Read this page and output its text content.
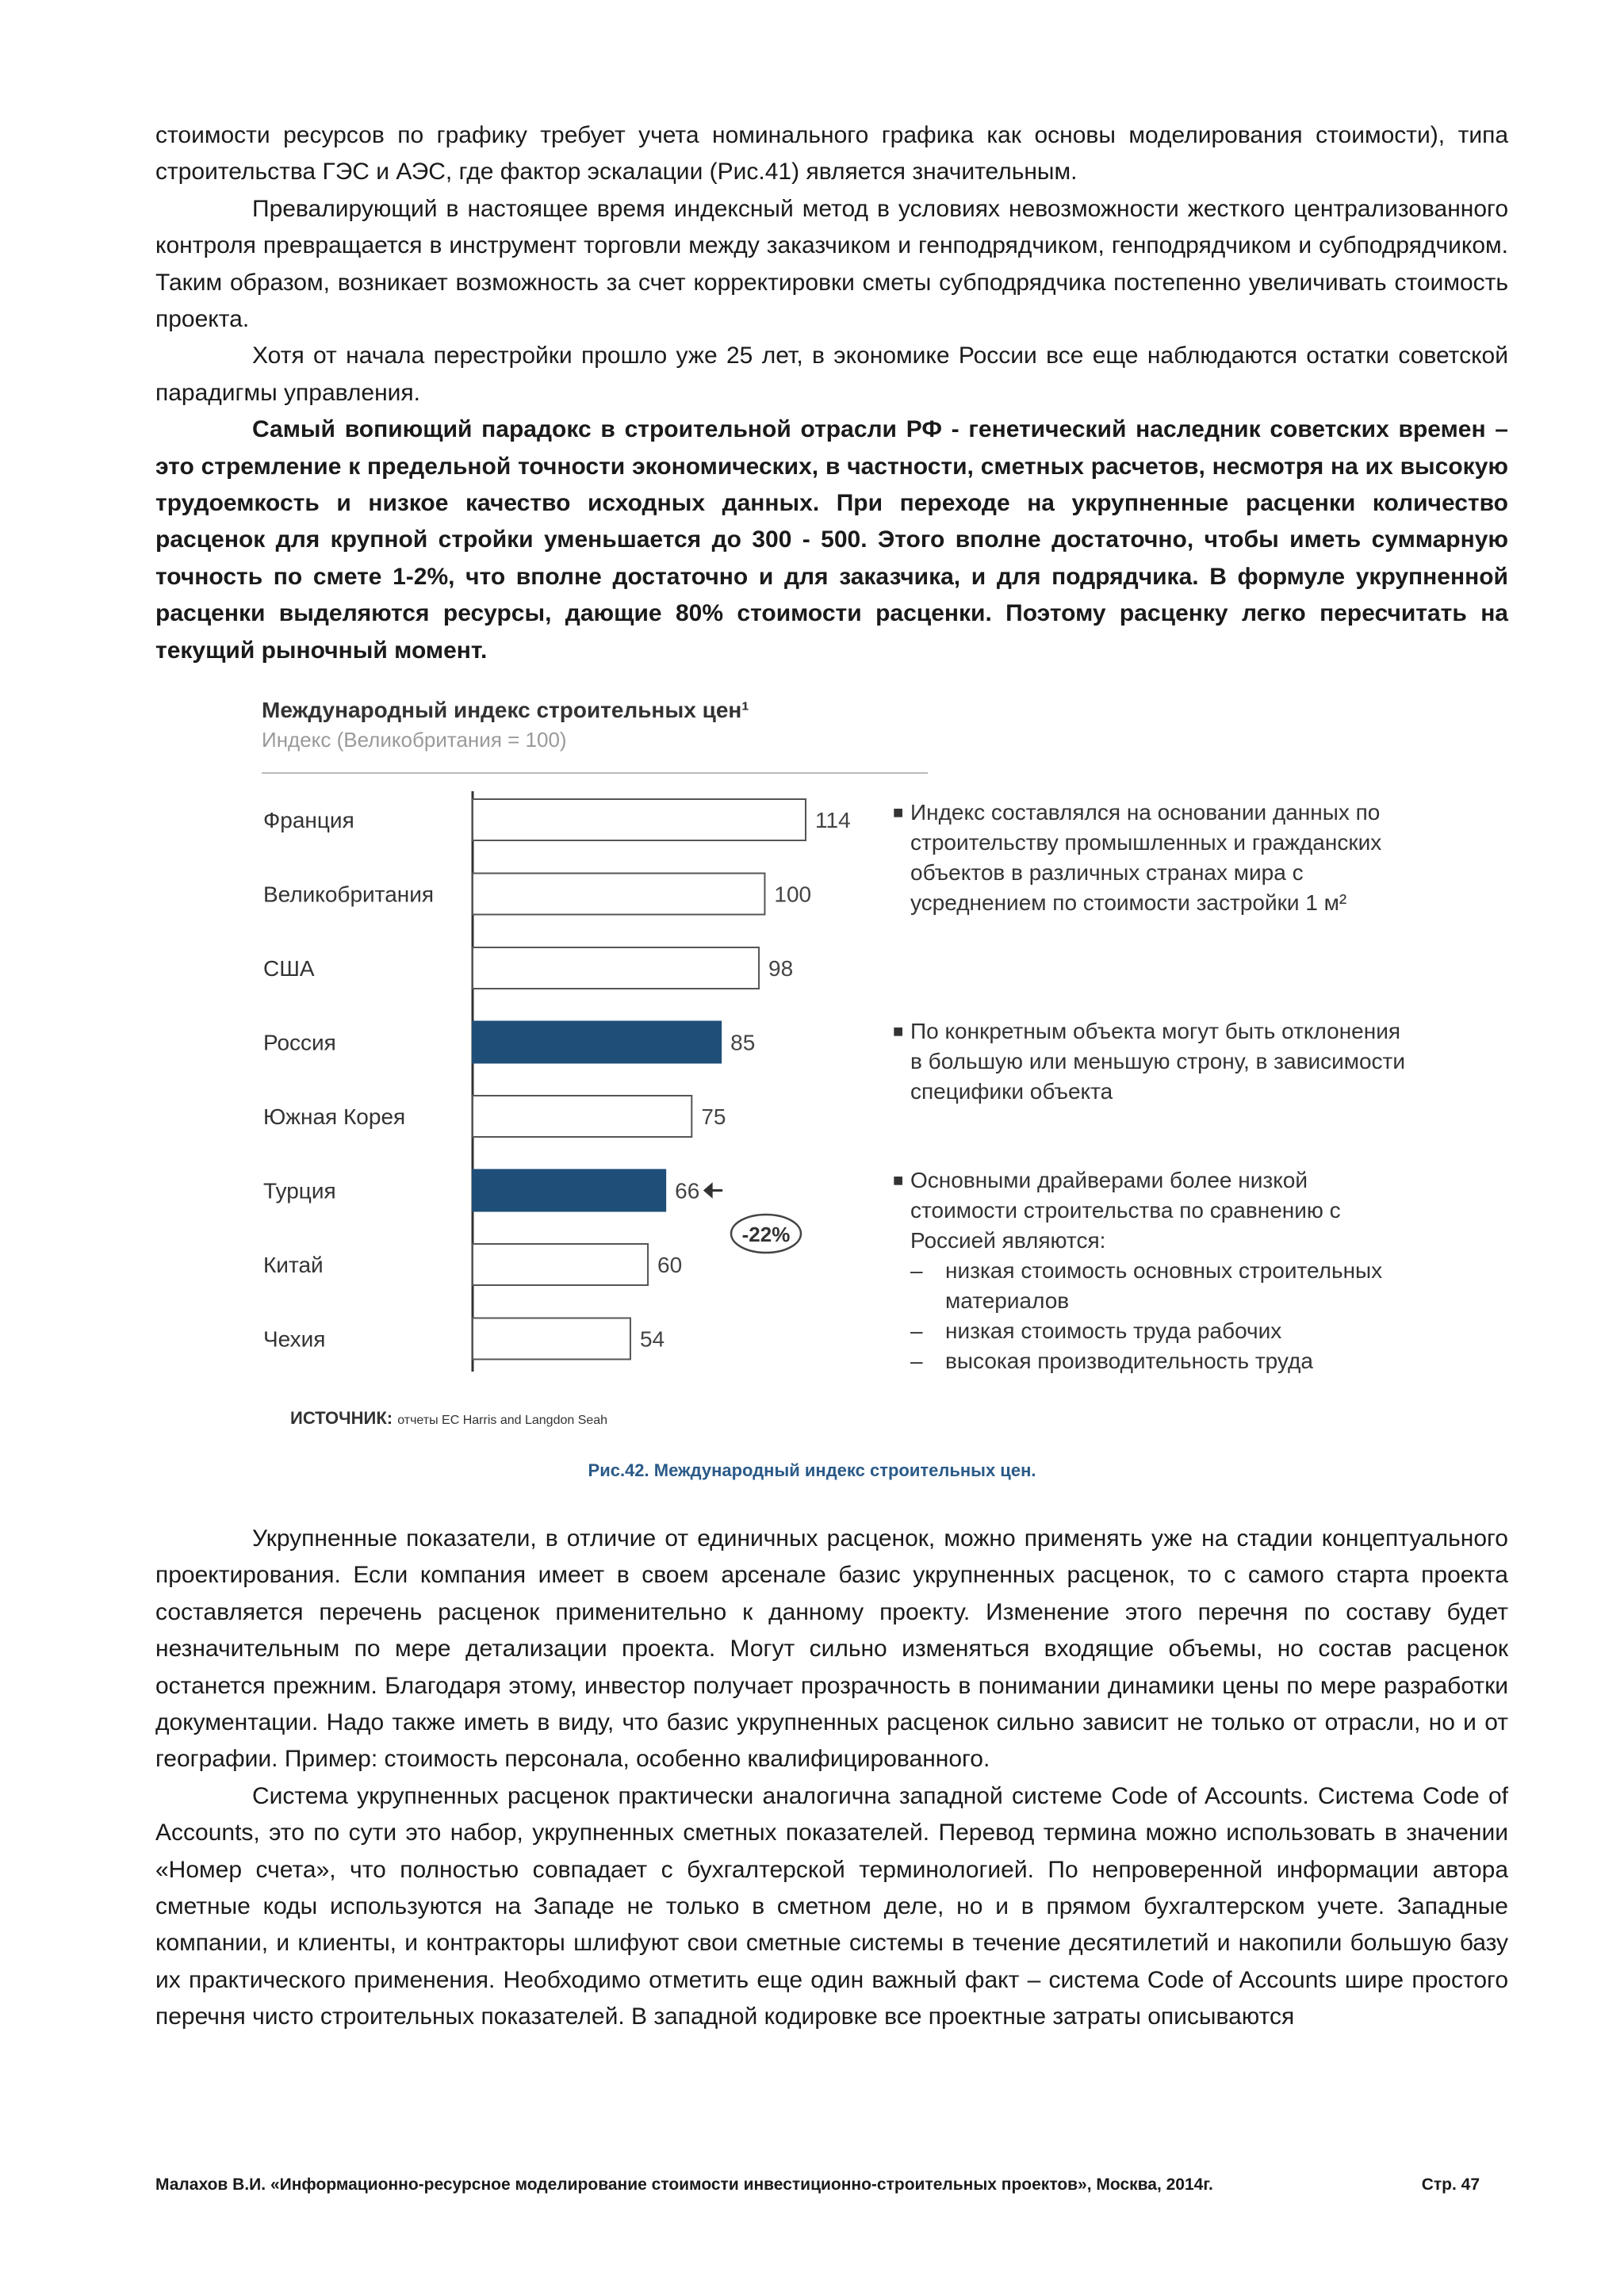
стоимости ресурсов по графику требует учета номинального графика как основы моделирования стоимости), типа строительства ГЭС и АЭС, где фактор эскалации (Рис.41) является значительным.

Превалирующий в настоящее время индексный метод в условиях невозможности жесткого централизованного контроля превращается в инструмент торговли между заказчиком и генподрядчиком, генподрядчиком и субподрядчиком. Таким образом, возникает возможность за счет корректировки сметы субподрядчика постепенно увеличивать стоимость проекта.

Хотя от начала перестройки прошло уже 25 лет, в экономике России все еще наблюдаются остатки советской парадигмы управления.

Самый вопиющий парадокс в строительной отрасли РФ - генетический наследник советских времен – это стремление к предельной точности экономических, в частности, сметных расчетов, несмотря на их высокую трудоемкость и низкое качество исходных данных. При переходе на укрупненные расценки количество расценок для крупной стройки уменьшается до 300 - 500. Этого вполне достаточно, чтобы иметь суммарную точность по смете 1-2%, что вполне достаточно и для заказчика, и для подрядчика. В формуле укрупненной расценки выделяются ресурсы, дающие 80% стоимости расценки. Поэтому расценку легко пересчитать на текущий рыночный момент.

Международный индекс строительных цен¹
Индекс (Великобритания = 100)
Франция	114
Великобритания	100
США	98
Россия	85
Южная Корея	75
Турция	66
Китай	60
Чехия	54
-22%
■ Индекс составлялся на основании данных по строительству промышленных и гражданских объектов в различных странах мира с усреднением по стоимости застройки 1 м²
■ По конкретным объекта могут быть отклонения в большую или меньшую строну, в зависимости специфики объекта
■ Основными драйверами более низкой стоимости строительства по сравнению с Россией являются:
– низкая стоимость основных строительных материалов
– низкая стоимость труда рабочих
– высокая производительность труда
ИСТОЧНИК: отчеты EC Harris and Langdon Seah
Рис.42. Международный индекс строительных цен.

Укрупненные показатели, в отличие от единичных расценок, можно применять уже на стадии концептуального проектирования. Если компания имеет в своем арсенале базис укрупненных расценок, то с самого старта проекта составляется перечень расценок применительно к данному проекту. Изменение этого перечня по составу будет незначительным по мере детализации проекта. Могут сильно изменяться входящие объемы, но состав расценок останется прежним. Благодаря этому, инвестор получает прозрачность в понимании динамики цены по мере разработки документации. Надо также иметь в виду, что базис укрупненных расценок сильно зависит не только от отрасли, но и от географии. Пример: стоимость персонала, особенно квалифицированного.

Система укрупненных расценок практически аналогична западной системе Code of Accounts. Система Code of Accounts, это по сути это набор, укрупненных сметных показателей. Перевод термина можно использовать в значении «Номер счета», что полностью совпадает с бухгалтерской терминологией. По непроверенной информации автора сметные коды используются на Западе не только в сметном деле, но и в прямом бухгалтерском учете. Западные компании, и клиенты, и контракторы шлифуют свои сметные системы в течение десятилетий и накопили большую базу их практического применения. Необходимо отметить еще один важный факт – система Code of Accounts шире простого перечня чисто строительных показателей. В западной кодировке все проектные затраты описываются

Малахов В.И. «Информационно-ресурсное моделирование стоимости инвестиционно-строительных проектов», Москва, 2014г.	Стр. 47
